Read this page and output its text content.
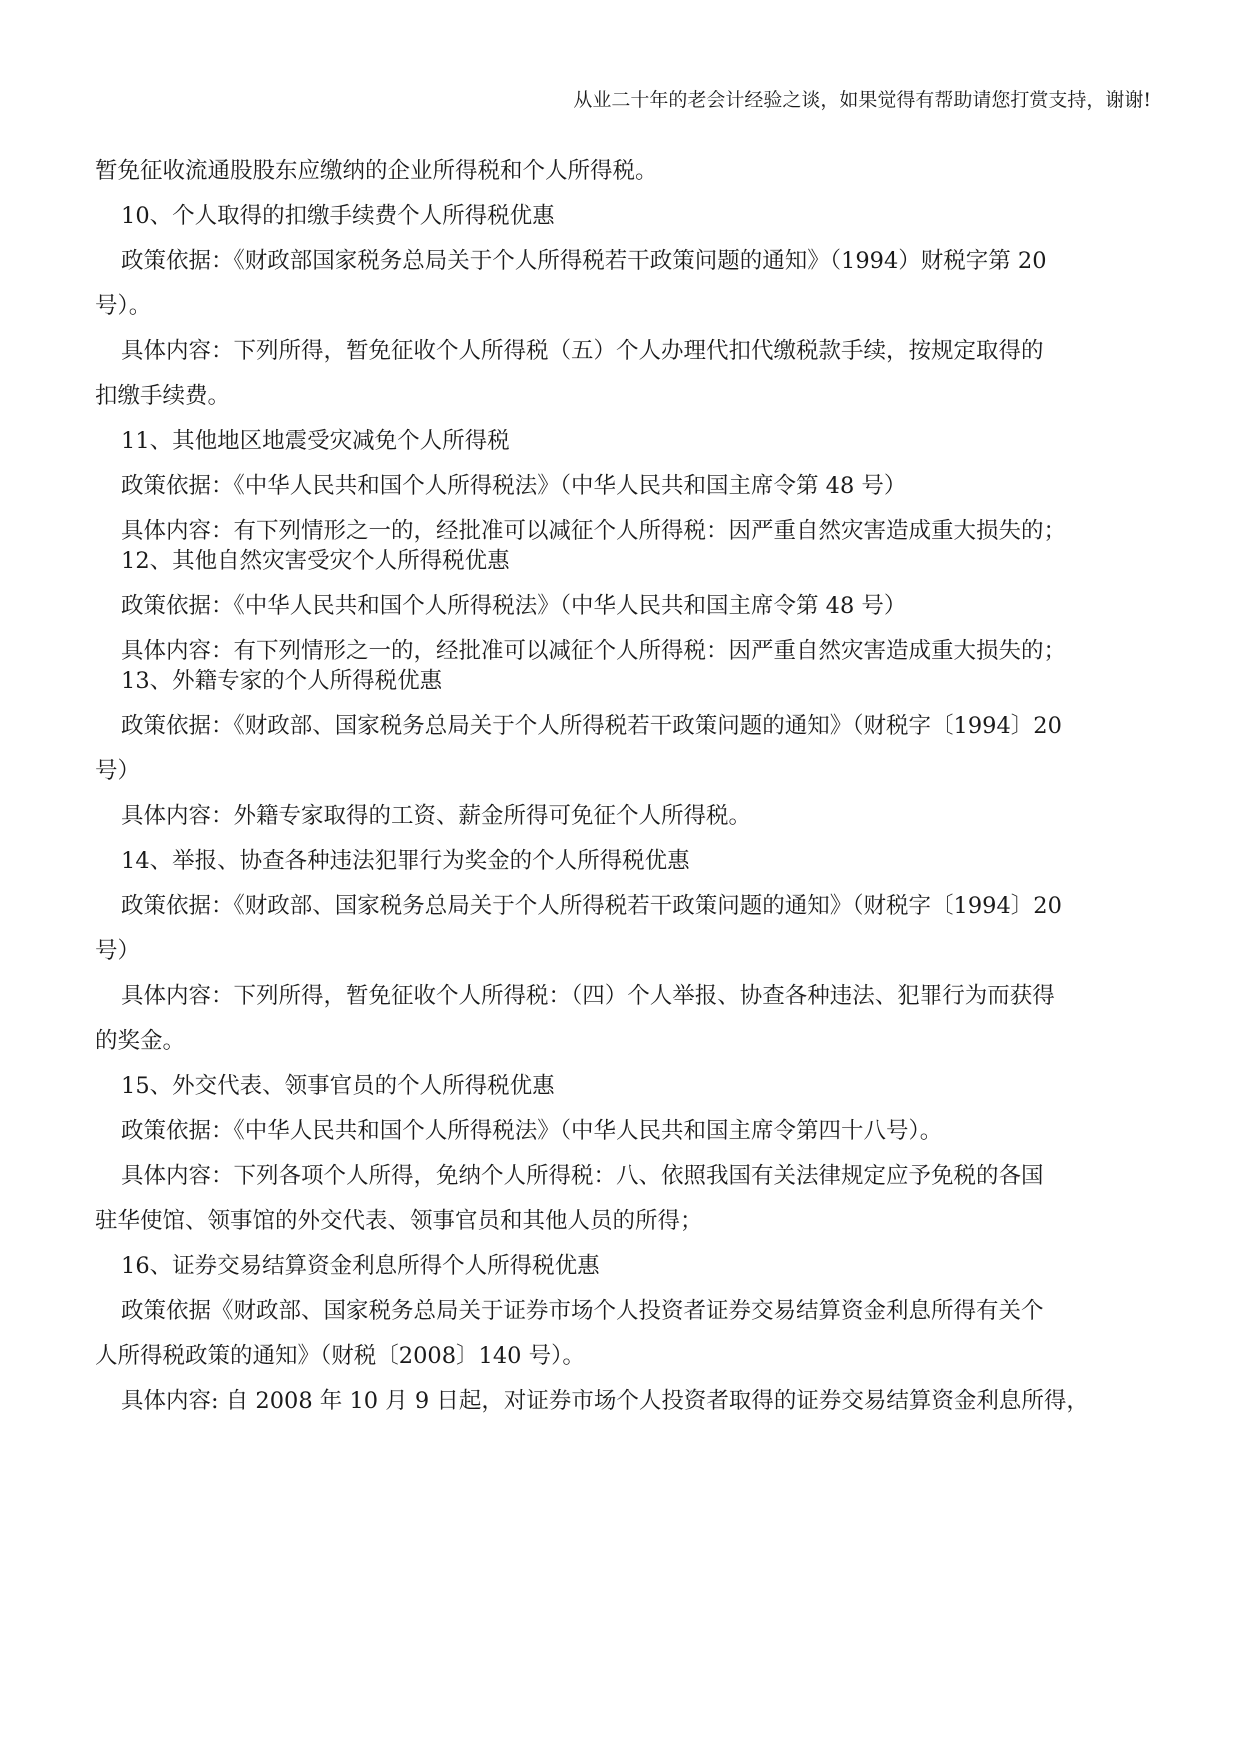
从业二十年的老会计经验之谈，如果觉得有帮助请您打赏支持，谢谢!
暂免征收流通股股东应缴纳的企业所得税和个人所得税。
10、个人取得的扣缴手续费个人所得税优惠
政策依据：《财政部国家税务总局关于个人所得税若干政策问题的通知》（1994）财税字第 20
号）。
具体内容：下列所得，暂免征收个人所得税（五）个人办理代扣代缴税款手续，按规定取得的
扣缴手续费。
11、其他地区地震受灾减免个人所得税
政策依据：《中华人民共和国个人所得税法》（中华人民共和国主席令第 48 号）
具体内容：有下列情形之一的，经批准可以减征个人所得税：因严重自然灾害造成重大损失的；
12、其他自然灾害受灾个人所得税优惠
政策依据：《中华人民共和国个人所得税法》（中华人民共和国主席令第 48 号）
具体内容：有下列情形之一的，经批准可以减征个人所得税：因严重自然灾害造成重大损失的；
13、外籍专家的个人所得税优惠
政策依据：《财政部、国家税务总局关于个人所得税若干政策问题的通知》（财税字〔1994〕20
号）
具体内容：外籍专家取得的工资、薪金所得可免征个人所得税。
14、举报、协查各种违法犯罪行为奖金的个人所得税优惠
政策依据：《财政部、国家税务总局关于个人所得税若干政策问题的通知》（财税字〔1994〕20
号）
具体内容：下列所得，暂免征收个人所得税：（四）个人举报、协查各种违法、犯罪行为而获得
的奖金。
15、外交代表、领事官员的个人所得税优惠
政策依据：《中华人民共和国个人所得税法》（中华人民共和国主席令第四十八号）。
具体内容：下列各项个人所得，免纳个人所得税：八、依照我国有关法律规定应予免税的各国
驻华使馆、领事馆的外交代表、领事官员和其他人员的所得；
16、证券交易结算资金利息所得个人所得税优惠
政策依据《财政部、国家税务总局关于证券市场个人投资者证券交易结算资金利息所得有关个
人所得税政策的通知》（财税〔2008〕140 号）。
具体内容: 自 2008 年 10 月 9 日起，对证券市场个人投资者取得的证券交易结算资金利息所得，
